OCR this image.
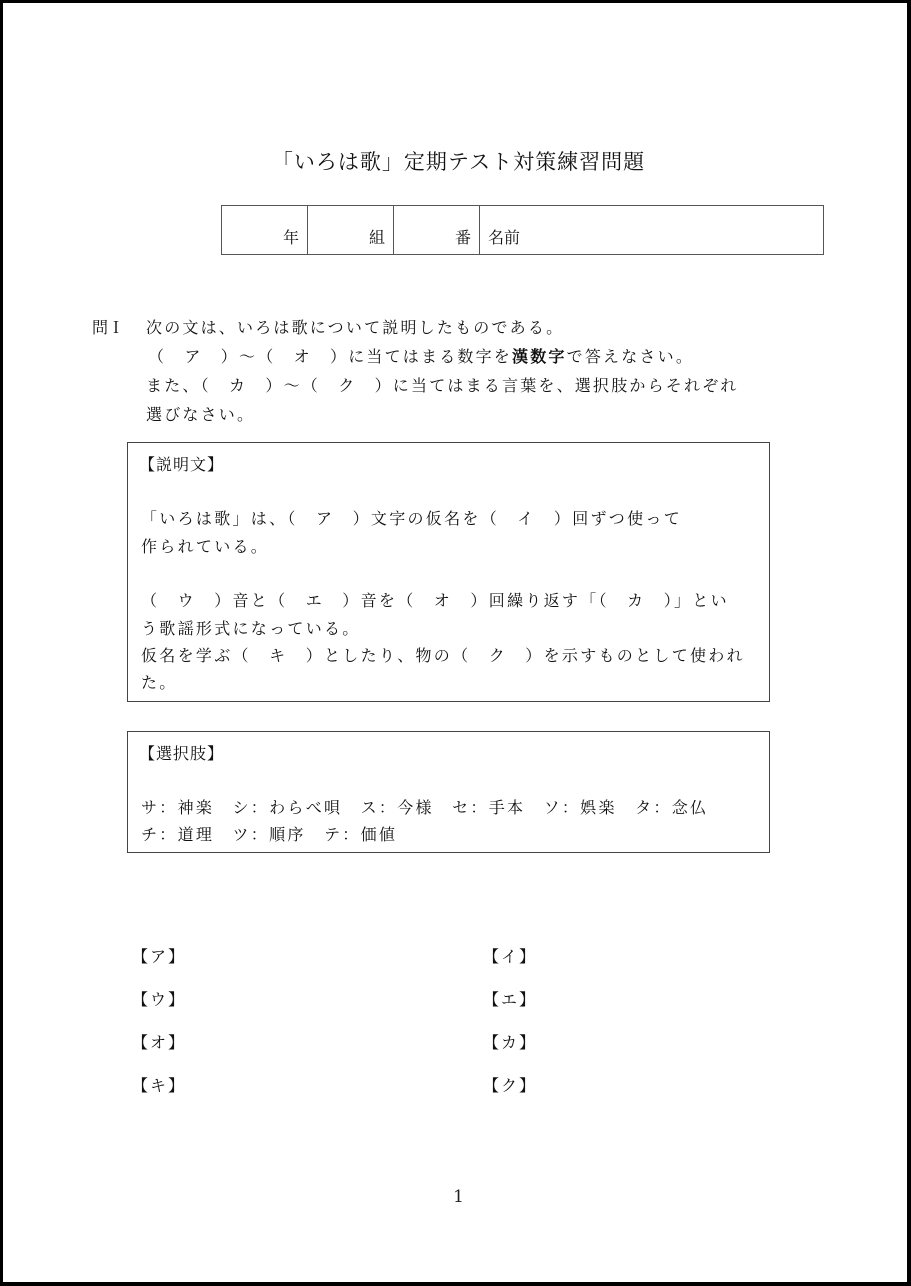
「いろは歌」定期テスト対策練習問題
年	組	番 名前
問Ｉ 次の文は、いろは歌について説明したものである。
（　ア　）～（　オ　）に当てはまる数字を漢数字で答えなさい。
また、（　カ　）～（　ク　）に当てはまる言葉を、選択肢からそれぞれ
選びなさい。
【説明文】
「いろは歌」は、（　ア　）文字の仮名を（　イ　）回ずつ使って
作られている。
（　ウ　）音と（　エ　）音を（　オ　）回繰り返す「（　カ　）」とい
う歌謡形式になっている。
仮名を学ぶ（　キ　）としたり、物の（　ク　）を示すものとして使われ
た。
【選択肢】
サ：神楽　シ：わらべ唄　ス：今様　セ：手本　ソ：娯楽　タ：念仏
チ：道理　ツ：順序　テ：価値
【ア】	【イ】
【ウ】	【エ】
【オ】	【カ】
【キ】	【ク】
1
